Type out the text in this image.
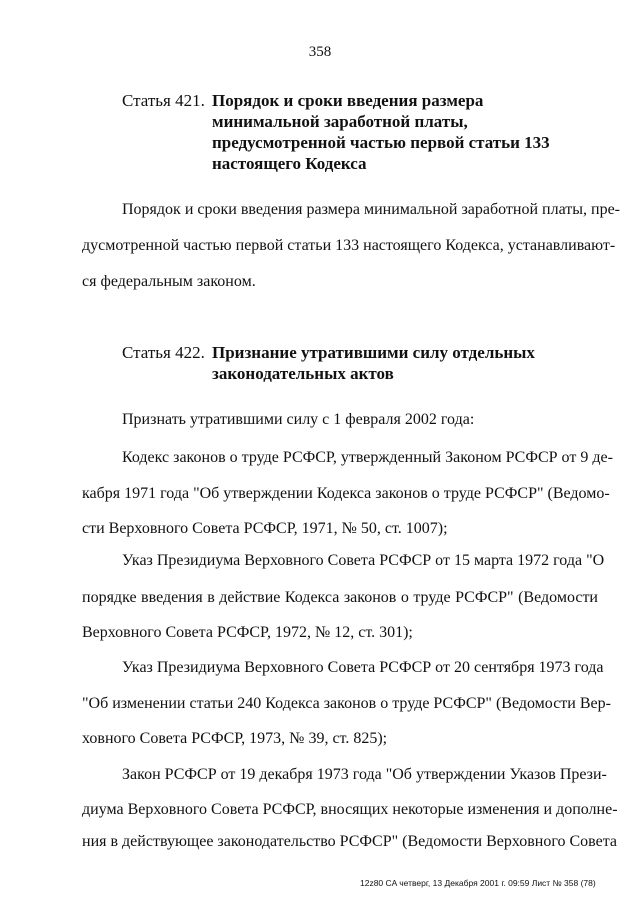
358
Статья 421. Порядок и сроки введения размера
минимальной заработной платы,
предусмотренной частью первой статьи 133
настоящего Кодекса
Порядок и сроки введения размера минимальной заработной платы, пре-
дусмотренной частью первой статьи 133 настоящего Кодекса, устанавливают-
ся федеральным законом.
Статья 422. Признание утратившими силу отдельных
законодательных актов
Признать утратившими силу с 1 февраля 2002 года:
Кодекс законов о труде РСФСР, утвержденный Законом РСФСР от 9 де-
кабря 1971 года "Об утверждении Кодекса законов о труде РСФСР" (Ведомо-
сти Верховного Совета РСФСР, 1971, № 50, ст. 1007);
Указ Президиума Верховного Совета РСФСР от 15 марта 1972 года "О
порядке введения в действие Кодекса законов о труде РСФСР" (Ведомости
Верховного Совета РСФСР, 1972, № 12, ст. 301);
Указ Президиума Верховного Совета РСФСР от 20 сентября 1973 года
"Об изменении статьи 240 Кодекса законов о труде РСФСР" (Ведомости Вер-
ховного Совета РСФСР, 1973, № 39, ст. 825);
Закон РСФСР от 19 декабря 1973 года "Об утверждении Указов Прези-
диума Верховного Совета РСФСР, вносящих некоторые изменения и дополне-
ния в действующее законодательство РСФСР" (Ведомости Верховного Совета
12z80 CA четверг, 13 Декабря 2001 г. 09:59 Лист № 358 (78)
